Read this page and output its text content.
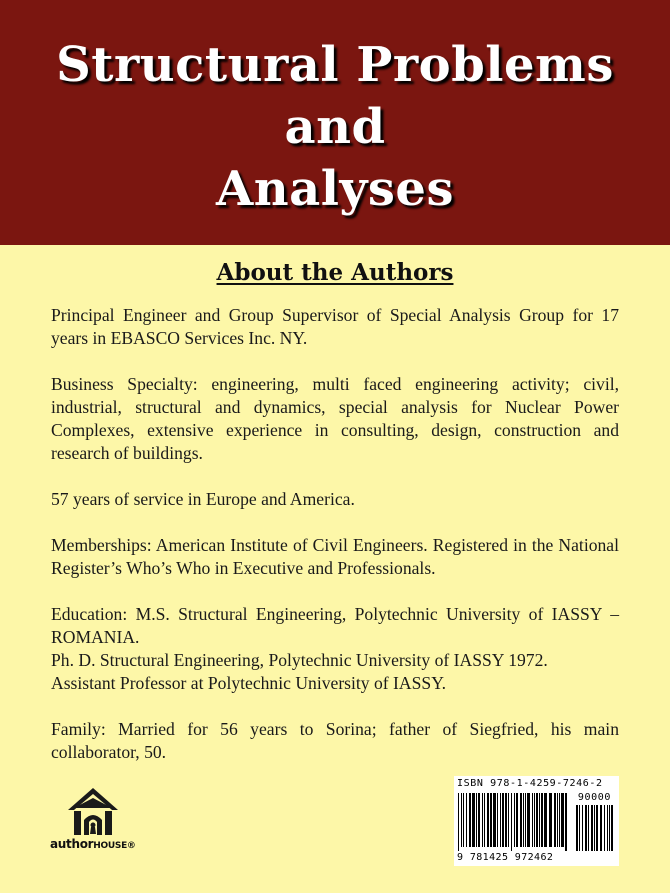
Structural Problems
and
Analyses
About the Authors

Principal Engineer and Group Supervisor of Special Analysis Group for 17 years in EBASCO Services Inc. NY.

Business Specialty: engineering, multi faced engineering activity; civil, industrial, structural and dynamics, special analysis for Nuclear Power Complexes, extensive experience in consulting, design, construction and research of buildings.

57 years of service in Europe and America.

Memberships: American Institute of Civil Engineers. Registered in the National Register’s Who’s Who in Executive and Professionals.

Education: M.S. Structural Engineering, Polytechnic University of IASSY – ROMANIA.

Ph. D. Structural Engineering, Polytechnic University of IASSY 1972.

Assistant Professor at Polytechnic University of IASSY.

Family: Married for 56 years to Sorina; father of Siegfried, his main collaborator, 50.

authorHOUSE®
ISBN 978-1-4259-7246-2
90000
9 781425 972462
